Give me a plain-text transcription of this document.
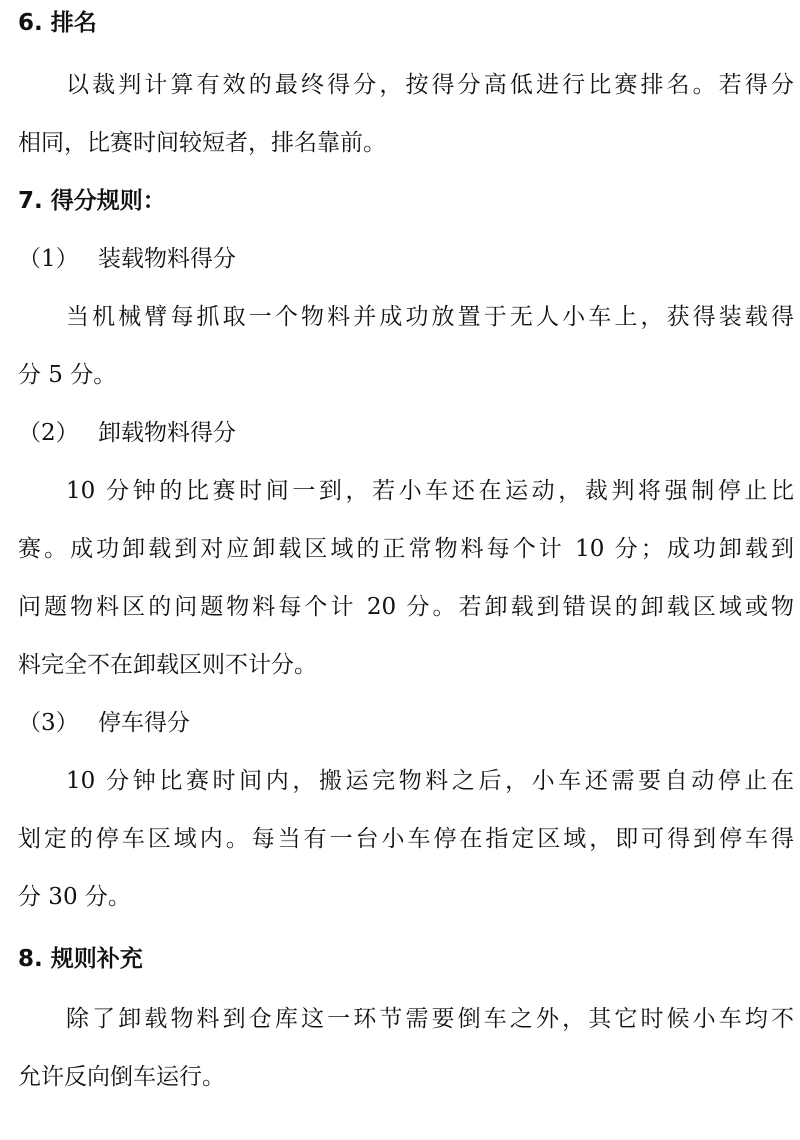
6. 排名
以裁判计算有效的最终得分，按得分高低进行比赛排名。若得分
相同，比赛时间较短者，排名靠前。
7. 得分规则：
（1） 装载物料得分
当机械臂每抓取一个物料并成功放置于无人小车上，获得装载得
分 5 分。
（2） 卸载物料得分
10 分钟的比赛时间一到，若小车还在运动，裁判将强制停止比
赛。成功卸载到对应卸载区域的正常物料每个计 10 分；成功卸载到
问题物料区的问题物料每个计 20 分。若卸载到错误的卸载区域或物
料完全不在卸载区则不计分。
（3） 停车得分
10 分钟比赛时间内，搬运完物料之后，小车还需要自动停止在
划定的停车区域内。每当有一台小车停在指定区域，即可得到停车得
分 30 分。
8. 规则补充
除了卸载物料到仓库这一环节需要倒车之外，其它时候小车均不
允许反向倒车运行。
